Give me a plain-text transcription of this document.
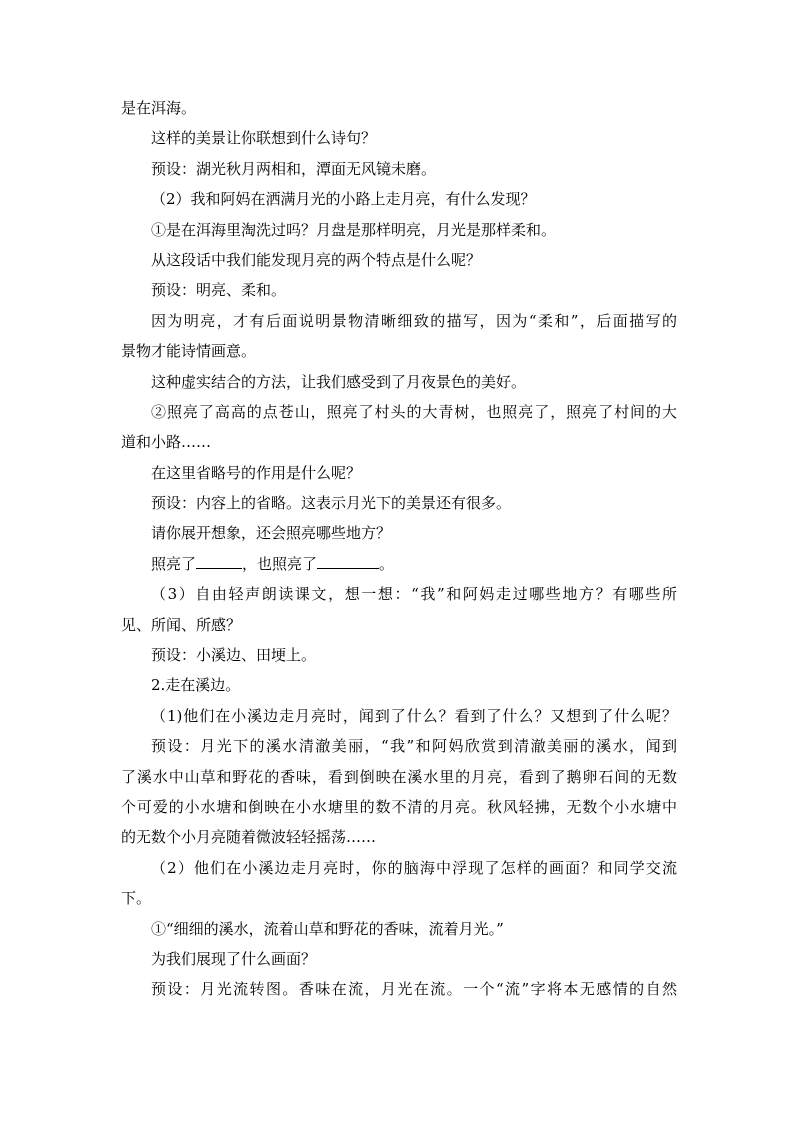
是在洱海。
这样的美景让你联想到什么诗句？
预设：湖光秋月两相和，潭面无风镜未磨。
（2）我和阿妈在洒满月光的小路上走月亮，有什么发现？
①是在洱海里淘洗过吗？月盘是那样明亮，月光是那样柔和。
从这段话中我们能发现月亮的两个特点是什么呢？
预设：明亮、柔和。
因为明亮，才有后面说明景物清晰细致的描写，因为“柔和”，后面描写的
景物才能诗情画意。
这种虚实结合的方法，让我们感受到了月夜景色的美好。
②照亮了高高的点苍山，照亮了村头的大青树，也照亮了，照亮了村间的大
道和小路……
在这里省略号的作用是什么呢？
预设：内容上的省略。这表示月光下的美景还有很多。
请你展开想象，还会照亮哪些地方？
照亮了	，也照亮了	。
（3）自由轻声朗读课文，想一想：“我”和阿妈走过哪些地方？有哪些所
见、所闻、所感？
预设：小溪边、田埂上。
2.走在溪边。
（1)他们在小溪边走月亮时，闻到了什么？看到了什么？又想到了什么呢？
预设：月光下的溪水清澈美丽，“我”和阿妈欣赏到清澈美丽的溪水，闻到
了溪水中山草和野花的香味，看到倒映在溪水里的月亮，看到了鹅卵石间的无数
个可爱的小水塘和倒映在小水塘里的数不清的月亮。秋风轻拂，无数个小水塘中
的无数个小月亮随着微波轻轻摇荡……
（2）他们在小溪边走月亮时，你的脑海中浮现了怎样的画面？和同学交流
下。
①“细细的溪水，流着山草和野花的香味，流着月光。”
为我们展现了什么画面？
预设：月光流转图。香味在流，月光在流。一个“流”字将本无感情的自然
